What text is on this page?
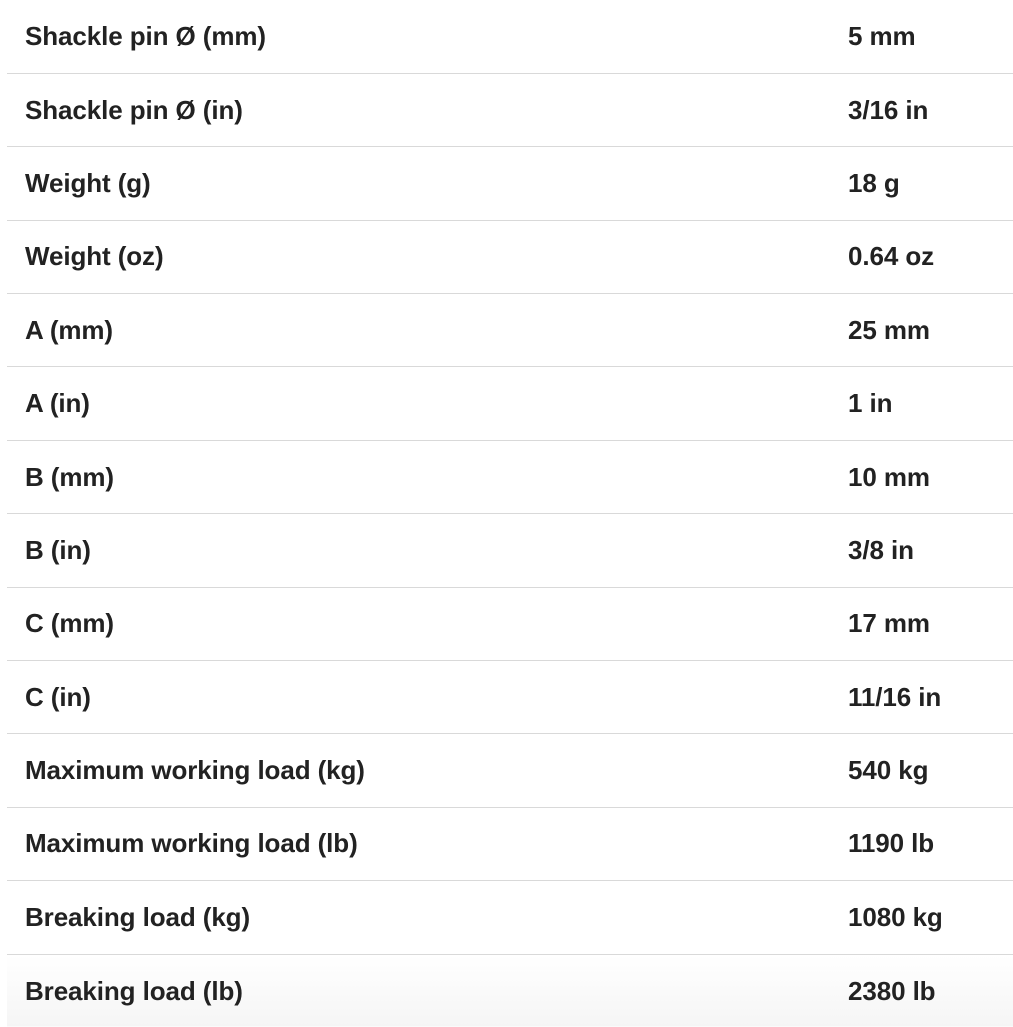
Shackle pin Ø (mm)	5 mm
Shackle pin Ø (in)	3/16 in
Weight (g)	18 g
Weight (oz)	0.64 oz
A (mm)	25 mm
A (in)	1 in
B (mm)	10 mm
B (in)	3/8 in
C (mm)	17 mm
C (in)	11/16 in
Maximum working load (kg)	540 kg
Maximum working load (lb)	1190 lb
Breaking load (kg)	1080 kg
Breaking load (lb)	2380 lb
